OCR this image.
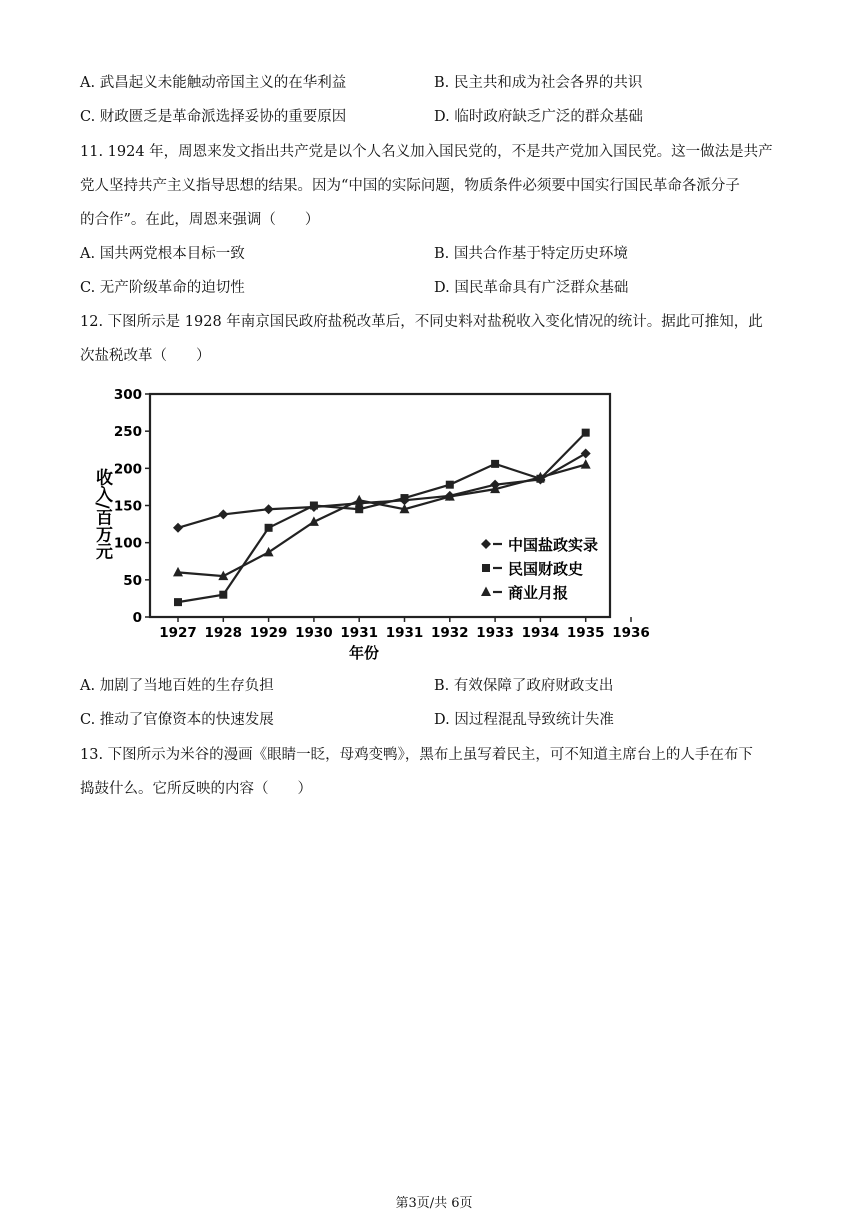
A. 武昌起义未能触动帝国主义的在华利益	B. 民主共和成为社会各界的共识
C. 财政匮乏是革命派选择妥协的重要原因	D. 临时政府缺乏广泛的群众基础
11. 1924 年，周恩来发文指出共产党是以个人名义加入国民党的，不是共产党加入国民党。这一做法是共产
党人坚持共产主义指导思想的结果。因为“中国的实际问题，物质条件必须要中国实行国民革命各派分子
的合作”。在此，周恩来强调（　　）
A. 国共两党根本目标一致	B. 国共合作基于特定历史环境
C. 无产阶级革命的迫切性	D. 国民革命具有广泛群众基础
12. 下图所示是 1928 年南京国民政府盐税改革后，不同史料对盐税收入变化情况的统计。据此可推知，此
次盐税改革（　　）
0
50
100
150
200
250
300
1927 1928 1929 1930 1931 1931 1932 1933 1934 1935 1936
中国盐政实录
民国财政史
商业月报
收入/百万元
年份
A. 加剧了当地百姓的生存负担	B. 有效保障了政府财政支出
C. 推动了官僚资本的快速发展	D. 因过程混乱导致统计失准
13. 下图所示为米谷的漫画《眼睛一眨，母鸡变鸭》，黑布上虽写着民主，可不知道主席台上的人手在布下
捣鼓什么。它所反映的内容（　　）
第3页/共 6页
